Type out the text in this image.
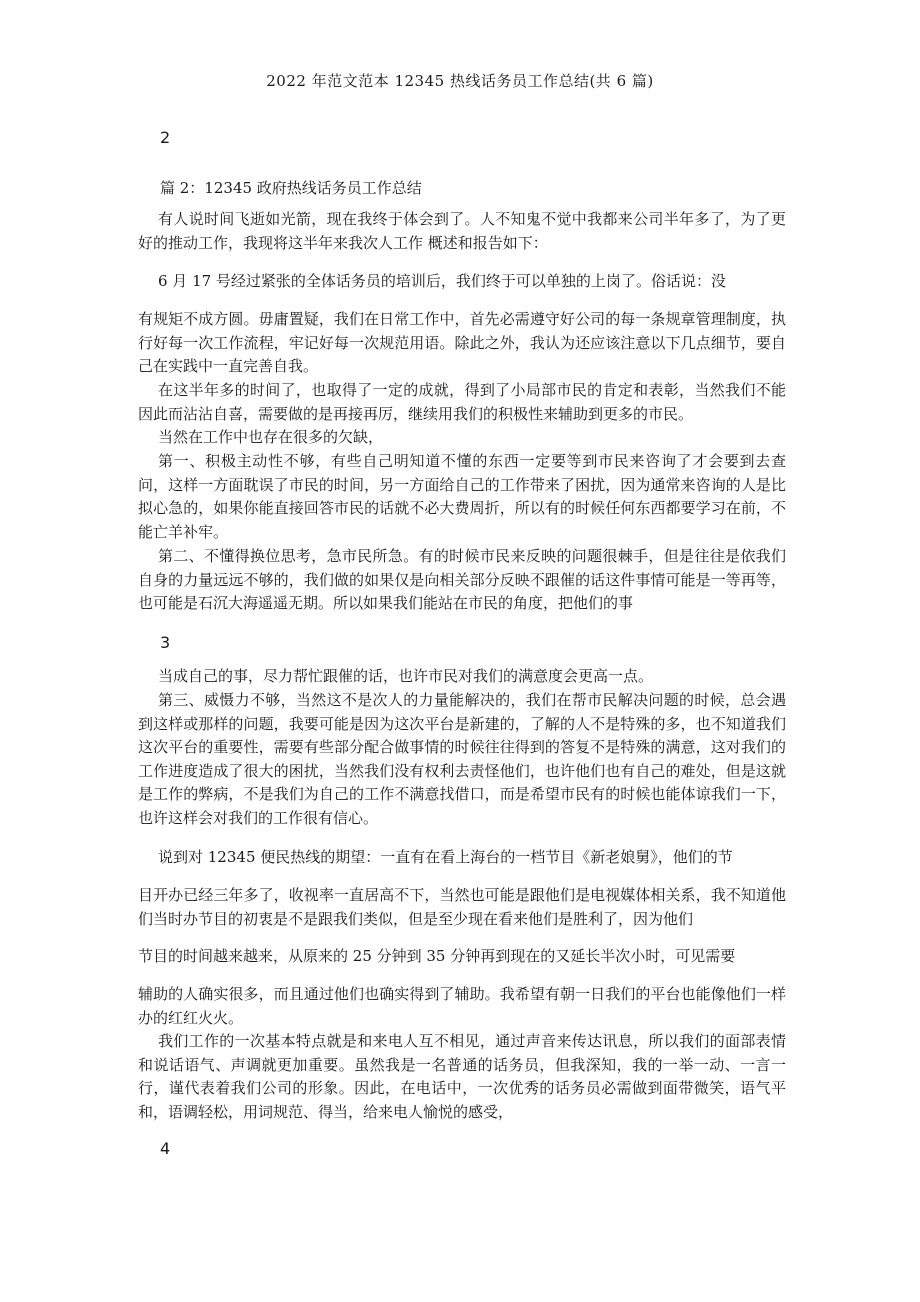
2022 年范文范本 12345 热线话务员工作总结(共 6 篇)
2
篇 2：12345 政府热线话务员工作总结

有人说时间飞逝如光箭，现在我终于体会到了。人不知鬼不觉中我都来公司半年多了，为了更好的推动工作，我现将这半年来我次人工作 概述和报告如下：

6 月 17 号经过紧张的全体话务员的培训后，我们终于可以单独的上岗了。俗话说：没

有规矩不成方圆。毋庸置疑，我们在日常工作中，首先必需遵守好公司的每一条规章管理制度，执行好每一次工作流程，牢记好每一次规范用语。除此之外，我认为还应该注意以下几点细节，要自己在实践中一直完善自我。

在这半年多的时间了，也取得了一定的成就，得到了小局部市民的肯定和表彰，当然我们不能因此而沾沾自喜，需要做的是再接再厉，继续用我们的积极性来辅助到更多的市民。

当然在工作中也存在很多的欠缺，

第一、积极主动性不够，有些自己明知道不懂的东西一定要等到市民来咨询了才会要到去查问，这样一方面耽误了市民的时间，另一方面给自己的工作带来了困扰，因为通常来咨询的人是比拟心急的，如果你能直接回答市民的话就不必大费周折，所以有的时候任何东西都要学习在前，不能亡羊补牢。

第二、不懂得换位思考，急市民所急。有的时候市民来反映的问题很棘手，但是往往是依我们自身的力量远远不够的，我们做的如果仅是向相关部分反映不跟催的话这件事情可能是一等再等，也可能是石沉大海遥遥无期。所以如果我们能站在市民的角度，把他们的事

3

当成自己的事，尽力帮忙跟催的话，也许市民对我们的满意度会更高一点。

第三、威慑力不够，当然这不是次人的力量能解决的，我们在帮市民解决问题的时候，总会遇到这样或那样的问题，我要可能是因为这次平台是新建的，了解的人不是特殊的多，也不知道我们这次平台的重要性，需要有些部分配合做事情的时候往往得到的答复不是特殊的满意，这对我们的工作进度造成了很大的困扰，当然我们没有权利去责怪他们，也许他们也有自己的难处，但是这就是工作的弊病，不是我们为自己的工作不满意找借口，而是希望市民有的时候也能体谅我们一下，也许这样会对我们的工作很有信心。

说到对 12345 便民热线的期望：一直有在看上海台的一档节目《新老娘舅》，他们的节

目开办已经三年多了，收视率一直居高不下，当然也可能是跟他们是电视媒体相关系，我不知道他们当时办节目的初衷是不是跟我们类似，但是至少现在看来他们是胜利了，因为他们

节目的时间越来越来，从原来的 25 分钟到 35 分钟再到现在的又延长半次小时，可见需要

辅助的人确实很多，而且通过他们也确实得到了辅助。我希望有朝一日我们的平台也能像他们一样办的红红火火。

我们工作的一次基本特点就是和来电人互不相见，通过声音来传达讯息，所以我们的面部表情和说话语气、声调就更加重要。虽然我是一名普通的话务员，但我深知，我的一举一动、一言一行，谨代表着我们公司的形象。因此，在电话中，一次优秀的话务员必需做到面带微笑，语气平和，语调轻松，用词规范、得当，给来电人愉悦的感受，

4
